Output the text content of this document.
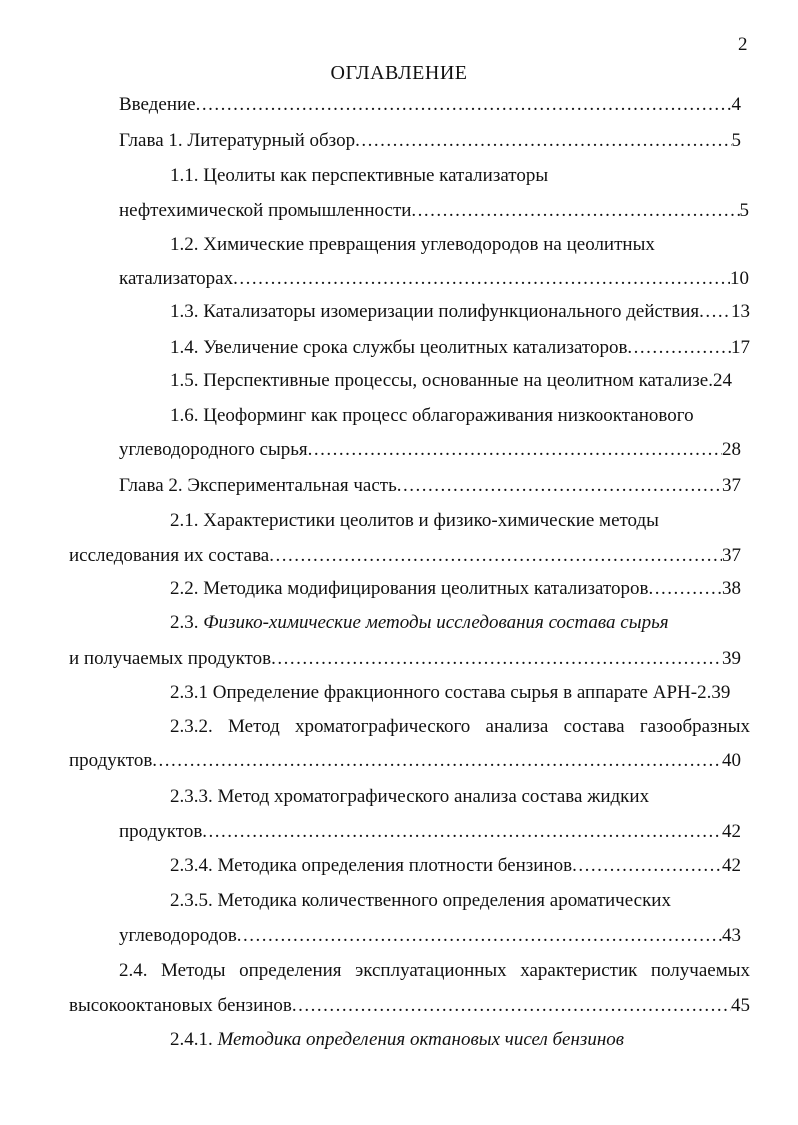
2
ОГЛАВЛЕНИЕ
Введение .....	4
Глава 1. Литературный обзор .....	5
1.1. Цеолиты как перспективные катализаторы
нефтехимической промышленности .....	5
1.2. Химические превращения углеводородов на цеолитных
катализаторах .....	10
1.3. Катализаторы изомеризации полифункционального действия ..... 13
1.4. Увеличение срока службы цеолитных катализаторов .....	17
1.5. Перспективные процессы, основанные на цеолитном катализе. 24
1.6. Цеоформинг как процесс облагораживания низкооктанового
углеводородного сырья .....	28
Глава 2. Экспериментальная часть .....	37
2.1. Характеристики цеолитов и физико-химические методы
исследования их состава .....	37
2.2. Методика модифицирования цеолитных катализаторов .....	38
2.3. Физико-химические методы исследования состава сырья
и получаемых продуктов .....	39
2.3.1 Определение фракционного состава сырья в аппарате АРН-2. 39
2.3.2. Метод хроматографического анализа состава газообразных
продуктов .....	40
2.3.3. Метод хроматографического анализа состава жидких
продуктов .....	42
2.3.4. Методика определения плотности бензинов .....	42
2.3.5. Методика количественного определения ароматических
углеводородов .....	43
2.4. Методы определения эксплуатационных характеристик получаемых
высокооктановых бензинов .....	45
2.4.1. Методика определения октановых чисел бензинов
